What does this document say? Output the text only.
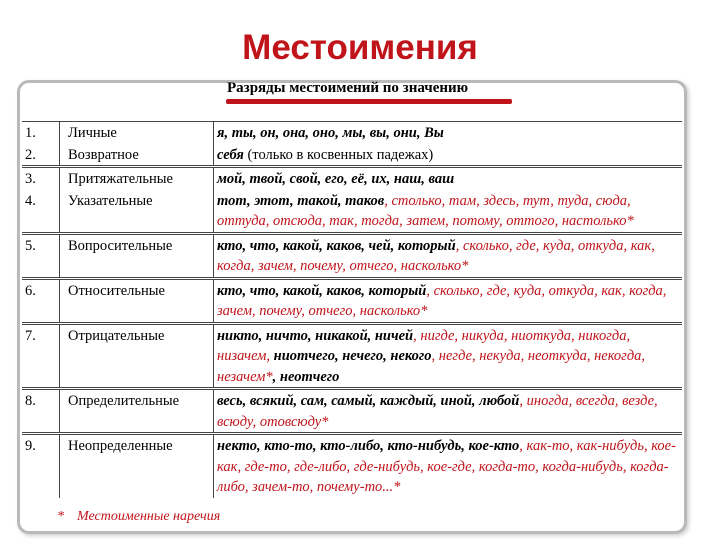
Местоимения
Разряды местоимений по значению
1.	Личные	я, ты, он, она, оно, мы, вы, они, Вы
2.	Возвратное	себя (только в косвенных падежах)
3.	Притяжательные	мой, твой, свой, его, её, их, наш, ваш
4.	Указательные	тот, этот, такой, таков, столько, там, здесь, тут, туда, сюда, оттуда, отсюда, так, тогда, затем, потому, оттого, настолько*
5.	Вопросительные	кто, что, какой, каков, чей, который, сколько, где, куда, откуда, как, когда, зачем, почему, отчего, насколько*
6.	Относительные	кто, что, какой, каков, который, сколько, где, куда, откуда, как, когда, зачем, почему, отчего, насколько*
7.	Отрицательные	никто, ничто, никакой, ничей, нигде, никуда, ниоткуда, никогда, низачем, ниотчего, нечего, некого, негде, некуда, неоткуда, некогда, незачем*, неотчего
8.	Определительные	весь, всякий, сам, самый, каждый, иной, любой, иногда, всегда, везде, всюду, отовсюду*
9.	Неопределенные	некто, кто-то, кто-либо, кто-нибудь, кое-кто, как-то, как-нибудь, кое-как, где-то, где-либо, где-нибудь, кое-где, когда-то, когда-нибудь, когда-либо, зачем-то, почему-то...*
* Местоименные наречия
